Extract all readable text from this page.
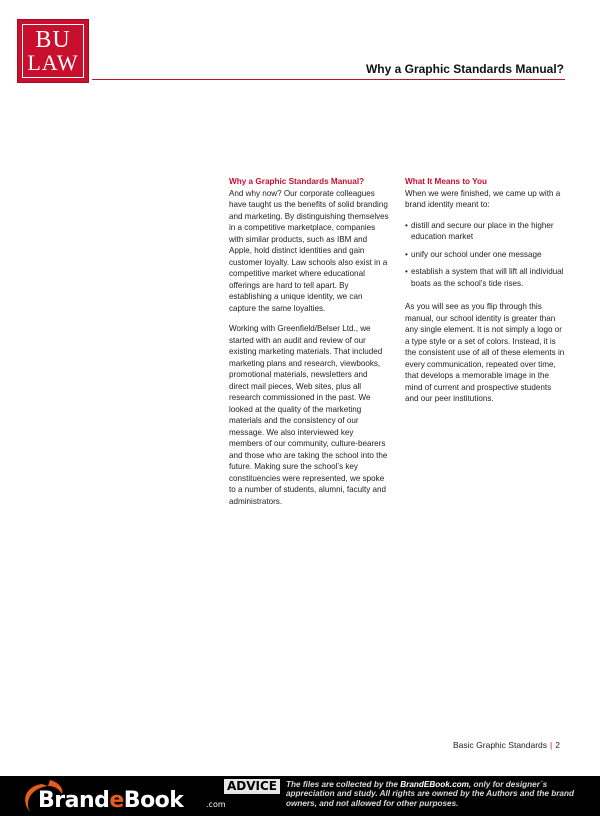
BU
LAW	Why a Graphic Standards Manual?
Why a Graphic Standards Manual?

And why now? Our corporate colleagues have taught us the benefits of solid branding and marketing. By distinguishing themselves in a competitive marketplace, companies with similar products, such as IBM and Apple, hold distinct identities and gain customer loyalty. Law schools also exist in a competitive market where educational offerings are hard to tell apart. By establishing a unique identity, we can capture the same loyalties.

Working with Greenfield/Belser Ltd., we started with an audit and review of our existing marketing materials. That included marketing plans and research, viewbooks, promotional materials, newsletters and direct mail pieces, Web sites, plus all research commissioned in the past. We looked at the quality of the marketing materials and the consistency of our message. We also interviewed key members of our community, culture-bearers and those who are taking the school into the future. Making sure the school’s key constituencies were represented, we spoke to a number of students, alumni, faculty and administrators.

What It Means to You

When we were finished, we came up with a brand identity meant to:

• distill and secure our place in the higher education market
• unify our school under one message
• establish a system that will lift all individual boats as the school’s tide rises.

As you will see as you flip through this manual, our school identity is greater than any single element. It is not simply a logo or a type style or a set of colors. Instead, it is the consistent use of all of these elements in every communication, repeated over time, that develops a memorable image in the mind of current and prospective students and our peer institutions.

Basic Graphic Standards | 2
BrandeBook	.com
ADVICE	The files are collected by the BrandEBook.com, only for designer`s appreciation and study. All rights are owned by the Authors and the brand owners, and not allowed for other purposes.
